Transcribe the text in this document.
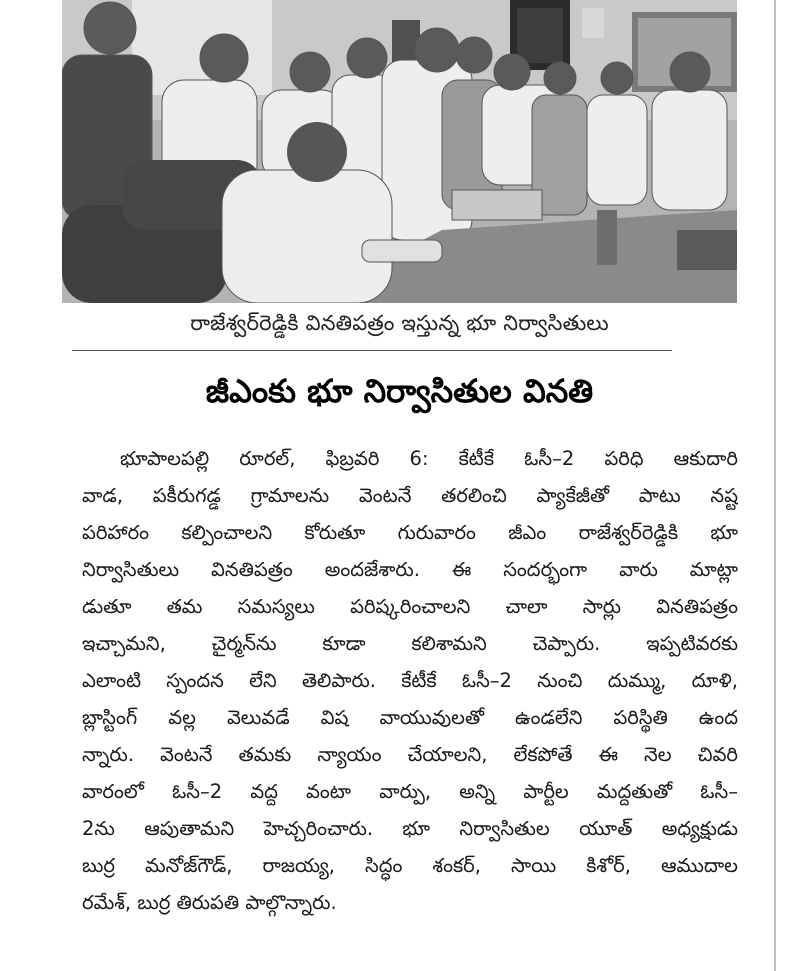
రాజేశ్వర్‌రెడ్డికి వినతిపత్రం ఇస్తున్న భూ నిర్వాసితులు
జీఎంకు భూ నిర్వాసితుల వినతి
భూపాలపల్లి రూరల్, ఫిబ్రవరి 6: కేటీకే ఓసీ–2 పరిధి ఆకుదారి
వాడ, పకీరుగడ్డ గ్రామాలను వెంటనే తరలించి ప్యాకేజీతో పాటు నష్ట
పరిహారం కల్పించాలని కోరుతూ గురువారం జీఎం రాజేశ్వర్‌రెడ్డికి భూ
నిర్వాసితులు వినతిపత్రం అందజేశారు. ఈ సందర్భంగా వారు మాట్లా
డుతూ తమ సమస్యలు పరిష్కరించాలని చాలా సార్లు వినతిపత్రం
ఇచ్చామని, చైర్మన్‌ను కూడా కలిశామని చెప్పారు. ఇప్పటివరకు
ఎలాంటి స్పందన లేని తెలిపారు. కేటీకే ఓసీ–2 నుంచి దుమ్ము, దూళి,
బ్లాస్టింగ్ వల్ల వెలువడే విష వాయువులతో ఉండలేని పరిస్థితి ఉంద
న్నారు. వెంటనే తమకు న్యాయం చేయాలని, లేకపోతే ఈ నెల చివరి
వారంలో ఓసీ–2 వద్ద వంటా వార్పు, అన్ని పార్టీల మద్దతుతో ఓసీ–
2ను ఆపుతామని హెచ్చరించారు. భూ నిర్వాసితుల యూత్ అధ్యక్షుడు
బుర్ర మనోజ్‌గౌడ్, రాజయ్య, సిద్ధం శంకర్, సాయి కిశోర్, ఆముదాల
రమేశ్, బుర్ర తిరుపతి పాల్గొన్నారు.
